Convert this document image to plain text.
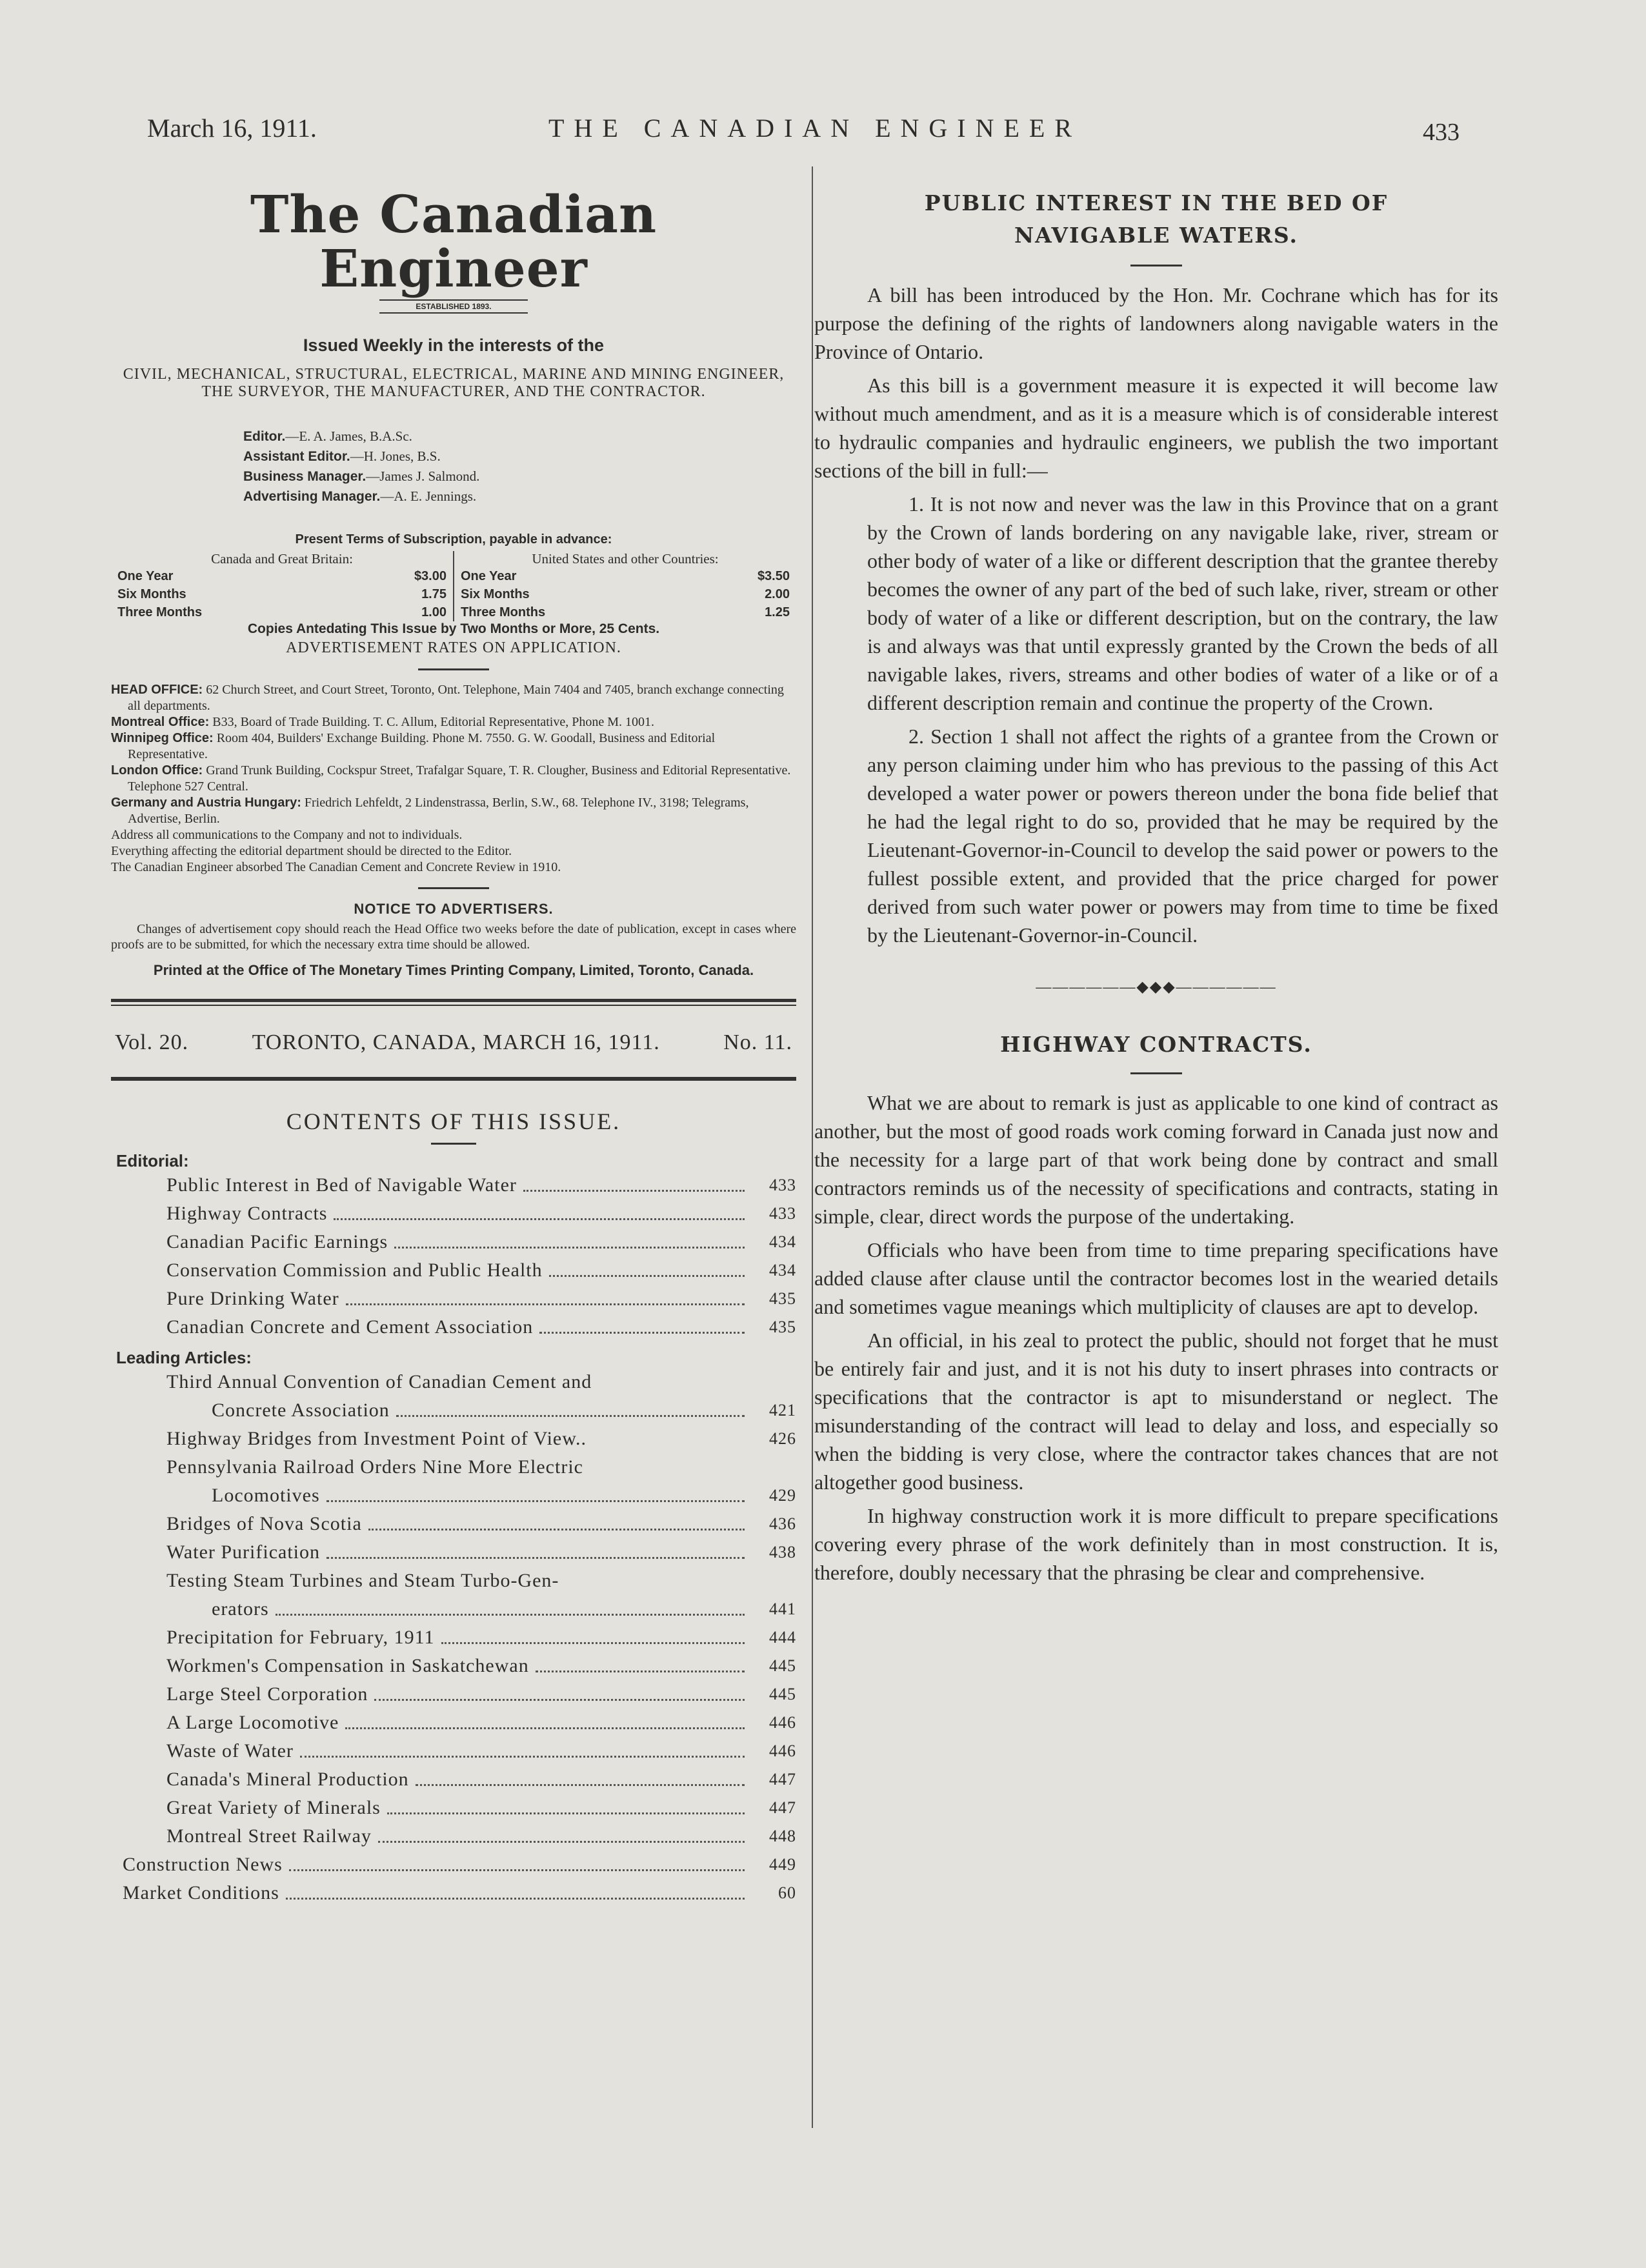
March 16, 1911.	THE CANADIAN ENGINEER	433
The Canadian Engineer
ESTABLISHED 1893.
Issued Weekly in the interests of the
CIVIL, MECHANICAL, STRUCTURAL, ELECTRICAL, MARINE AND MINING ENGINEER, THE SURVEYOR, THE MANUFACTURER, AND THE CONTRACTOR.
Editor.—E. A. James, B.A.Sc.
Assistant Editor.—H. Jones, B.S.
Business Manager.—James J. Salmond.
Advertising Manager.—A. E. Jennings.
Present Terms of Subscription, payable in advance:
Canada and Great Britain:
One Year	$3.00
Six Months	1.75
Three Months	1.00
United States and other Countries:
One Year	$3.50
Six Months	2.00
Three Months	1.25
Copies Antedating This Issue by Two Months or More, 25 Cents.
ADVERTISEMENT RATES ON APPLICATION.

HEAD OFFICE: 62 Church Street, and Court Street, Toronto, Ont. Telephone, Main 7404 and 7405, branch exchange connecting all departments.

Montreal Office: B33, Board of Trade Building. T. C. Allum, Editorial Representative, Phone M. 1001.

Winnipeg Office: Room 404, Builders' Exchange Building. Phone M. 7550. G. W. Goodall, Business and Editorial Representative.

London Office: Grand Trunk Building, Cockspur Street, Trafalgar Square, T. R. Clougher, Business and Editorial Representative. Telephone 527 Central.

Germany and Austria Hungary: Friedrich Lehfeldt, 2 Lindenstrassa, Berlin, S.W., 68. Telephone IV., 3198; Telegrams, Advertise, Berlin.

Address all communications to the Company and not to individuals.

Everything affecting the editorial department should be directed to the Editor.

The Canadian Engineer absorbed The Canadian Cement and Concrete Review in 1910.

NOTICE TO ADVERTISERS.
Changes of advertisement copy should reach the Head Office two weeks before the date of publication, except in cases where proofs are to be submitted, for which the necessary extra time should be allowed.
Printed at the Office of The Monetary Times Printing Company, Limited, Toronto, Canada.
Vol. 20.	TORONTO, CANADA, MARCH 16, 1911.	No. 11.
CONTENTS OF THIS ISSUE.
Editorial:
Public Interest in Bed of Navigable Water	433
Highway Contracts	433
Canadian Pacific Earnings	434
Conservation Commission and Public Health	434
Pure Drinking Water	435
Canadian Concrete and Cement Association	435
Leading Articles:
Third Annual Convention of Canadian Cement and
Concrete Association	421
Highway Bridges from Investment Point of View..	426
Pennsylvania Railroad Orders Nine More Electric
Locomotives	429
Bridges of Nova Scotia	436
Water Purification	438
Testing Steam Turbines and Steam Turbo-Gen-
erators	441
Precipitation for February, 1911	444
Workmen's Compensation in Saskatchewan	445
Large Steel Corporation	445
A Large Locomotive	446
Waste of Water	446
Canada's Mineral Production	447
Great Variety of Minerals	447
Montreal Street Railway	448
Construction News	449
Market Conditions	60
PUBLIC INTEREST IN THE BED OF
NAVIGABLE WATERS.

A bill has been introduced by the Hon. Mr. Cochrane which has for its purpose the defining of the rights of landowners along navigable waters in the Province of Ontario.

As this bill is a government measure it is expected it will become law without much amendment, and as it is a measure which is of considerable interest to hydraulic companies and hydraulic engineers, we publish the two important sections of the bill in full:—

1. It is not now and never was the law in this Province that on a grant by the Crown of lands bordering on any navigable lake, river, stream or other body of water of a like or different description that the grantee thereby becomes the owner of any part of the bed of such lake, river, stream or other body of water of a like or different description, but on the contrary, the law is and always was that until expressly granted by the Crown the beds of all navigable lakes, rivers, streams and other bodies of water of a like or of a different description remain and continue the property of the Crown.

2. Section 1 shall not affect the rights of a grantee from the Crown or any person claiming under him who has previous to the passing of this Act developed a water power or powers thereon under the bona fide belief that he had the legal right to do so, provided that he may be required by the Lieutenant-Governor-in-Council to develop the said power or powers to the fullest possible extent, and provided that the price charged for power derived from such water power or powers may from time to time be fixed by the Lieutenant-Governor-in-Council.

——————◆◆◆——————
HIGHWAY CONTRACTS.

What we are about to remark is just as applicable to one kind of contract as another, but the most of good roads work coming forward in Canada just now and the necessity for a large part of that work being done by contract and small contractors reminds us of the necessity of specifications and contracts, stating in simple, clear, direct words the purpose of the undertaking.

Officials who have been from time to time preparing specifications have added clause after clause until the contractor becomes lost in the wearied details and sometimes vague meanings which multiplicity of clauses are apt to develop.

An official, in his zeal to protect the public, should not forget that he must be entirely fair and just, and it is not his duty to insert phrases into contracts or specifications that the contractor is apt to misunderstand or neglect. The misunderstanding of the contract will lead to delay and loss, and especially so when the bidding is very close, where the contractor takes chances that are not altogether good business.

In highway construction work it is more difficult to prepare specifications covering every phrase of the work definitely than in most construction. It is, therefore, doubly necessary that the phrasing be clear and comprehensive.
